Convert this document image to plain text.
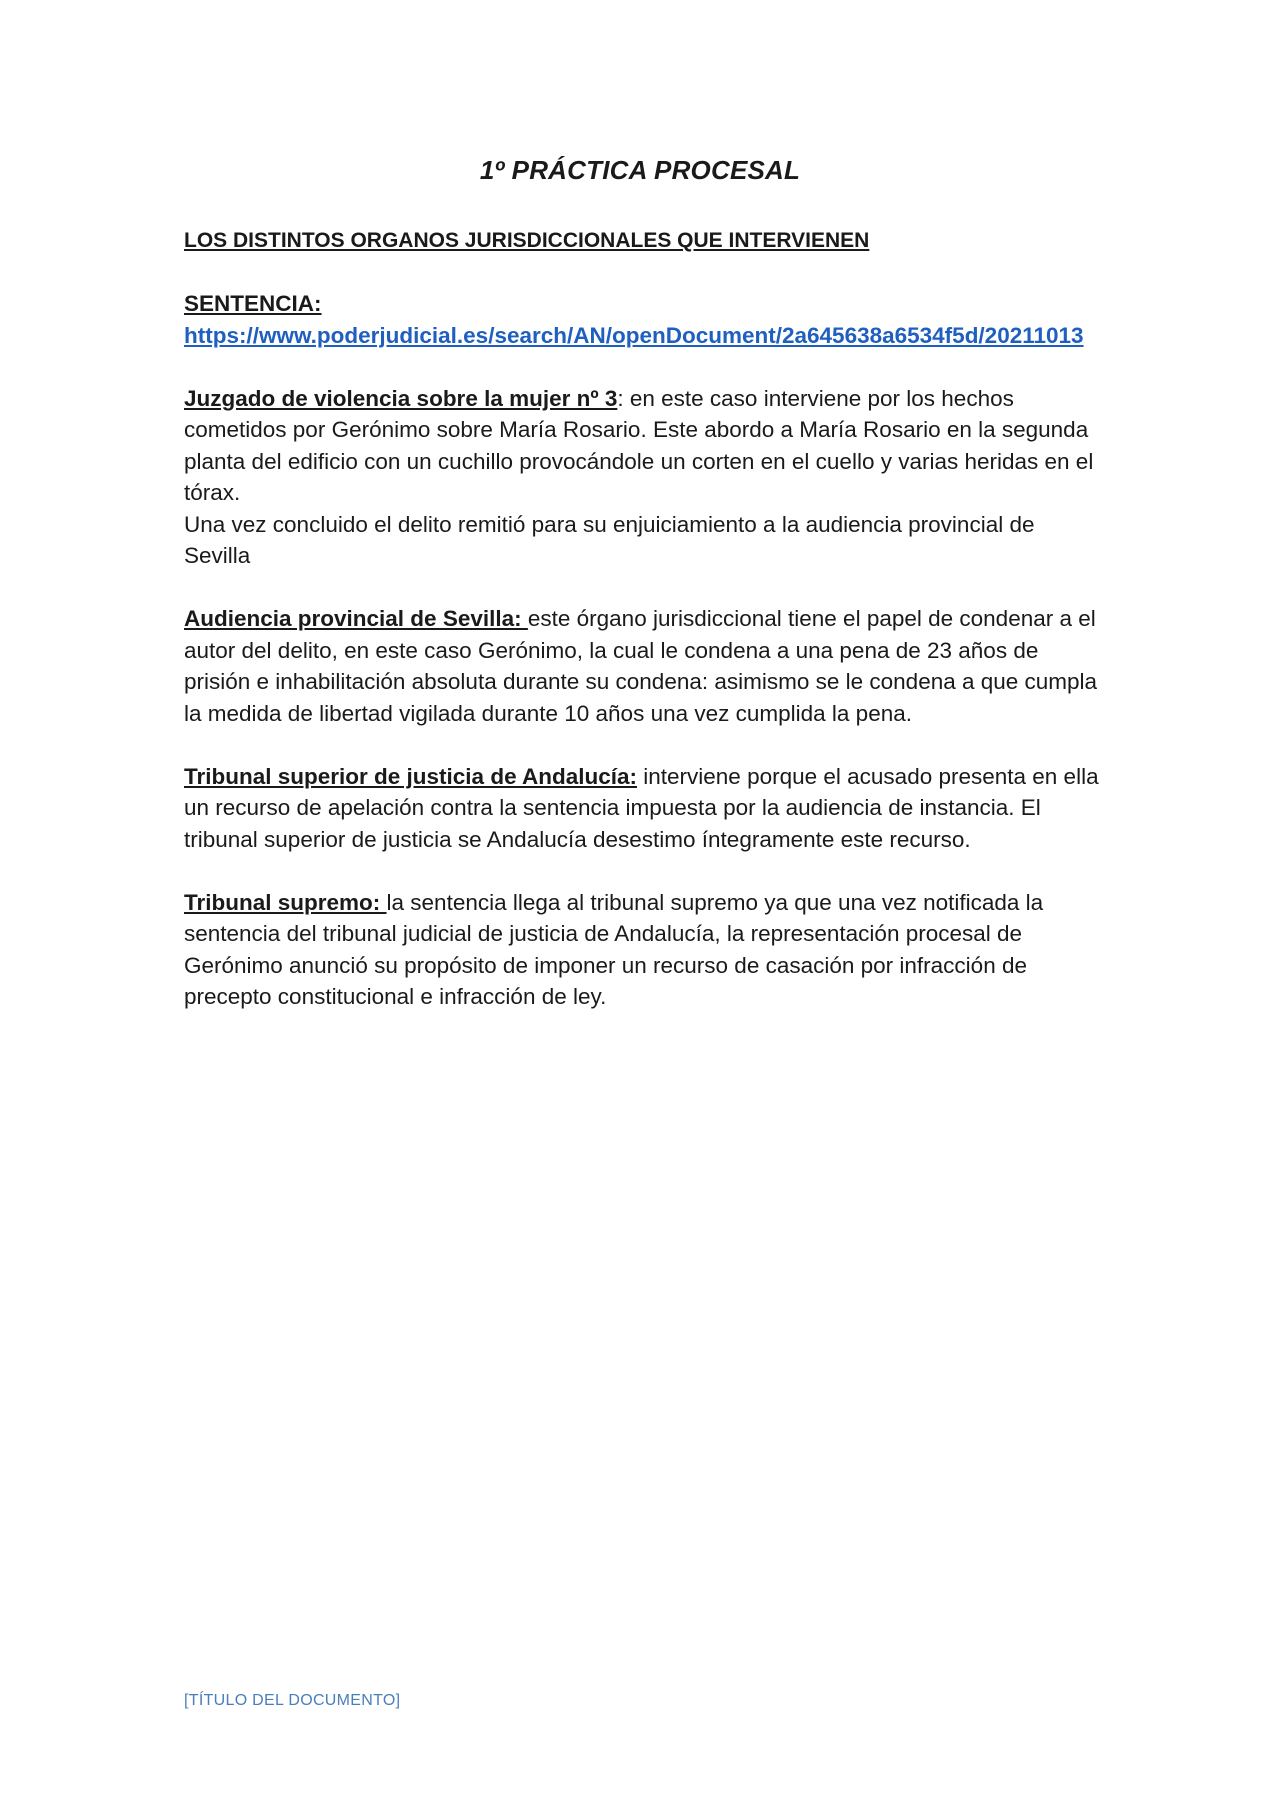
1º PRÁCTICA PROCESAL

LOS DISTINTOS ORGANOS JURISDICCIONALES QUE INTERVIENEN

SENTENCIA:
https://www.poderjudicial.es/search/AN/openDocument/2a645638a6534f5d/20211013

Juzgado de violencia sobre la mujer nº 3: en este caso interviene por los hechos cometidos por Gerónimo sobre María Rosario. Este abordo a María Rosario en la segunda planta del edificio con un cuchillo provocándole un corten en el cuello y varias heridas en el tórax.
Una vez concluido el delito remitió para su enjuiciamiento a la audiencia provincial de Sevilla

Audiencia provincial de Sevilla: este órgano jurisdiccional tiene el papel de condenar a el autor del delito, en este caso Gerónimo, la cual le condena a una pena de 23 años de prisión e inhabilitación absoluta durante su condena: asimismo se le condena a que cumpla la medida de libertad vigilada durante 10 años una vez cumplida la pena.

Tribunal superior de justicia de Andalucía: interviene porque el acusado presenta en ella un recurso de apelación contra la sentencia impuesta por la audiencia de instancia. El tribunal superior de justicia se Andalucía desestimo íntegramente este recurso.

Tribunal supremo: la sentencia llega al tribunal supremo ya que una vez notificada la sentencia del tribunal judicial de justicia de Andalucía, la representación procesal de Gerónimo anunció su propósito de imponer un recurso de casación por infracción de precepto constitucional e infracción de ley.

[TÍTULO DEL DOCUMENTO]
